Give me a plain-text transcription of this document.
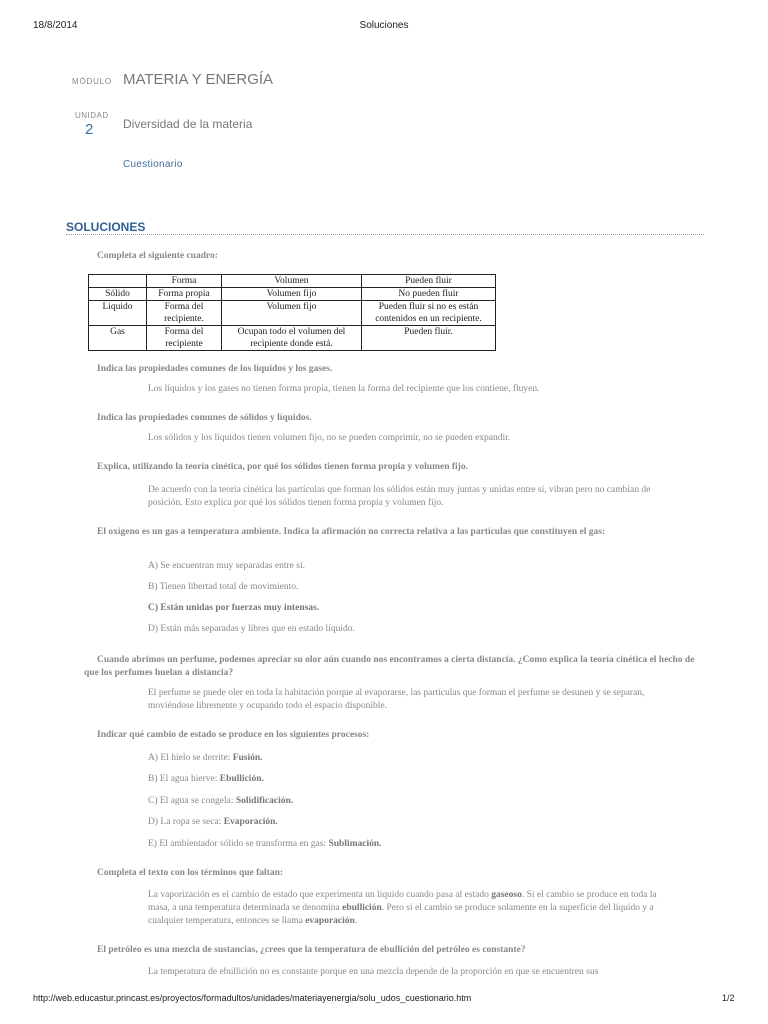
18/8/2014	Soluciones
MÓDULO MATERIA Y ENERGÍA
UNIDAD
2 Diversidad de la materia
Cuestionario
SOLUCIONES
Completa el siguiente cuadro:
	Forma	Volumen	Pueden fluir
Sólido	Forma propia	Volumen fijo	No pueden fluir
Liquido	Forma del recipiente.	Volumen fijo	Pueden fluir si no es están contenidos en un recipiente.
Gas	Forma del recipiente	Ocupan todo el volumen del recipiente donde está.	Pueden fluir.
Indica las propiedades comunes de los líquidos y los gases.
Los líquidos y los gases no tienen forma propia, tienen la forma del recipiente que los contiene, fluyen.
Indica las propiedades comunes de sólidos y líquidos.
Los sólidos y los líquidos tienen volumen fijo, no se pueden comprimir, no se pueden expandir.
Explica, utilizando la teoría cinética, por qué los sólidos tienen forma propia y volumen fijo.
De acuerdo con la teoría cinética las partículas que forman los sólidos están muy juntas y unidas entre sí, vibran pero no cambian de posición. Esto explica por qué los sólidos tienen forma propia y volumen fijo.
El oxígeno es un gas a temperatura ambiente. Indica la afirmación no correcta relativa a las partículas que constituyen el gas:
A) Se encuentran muy separadas entre sí.
B) Tienen libertad total de movimiento.
C) Están unidas por fuerzas muy intensas.
D) Están más separadas y libres que en estado líquido.
Cuando abrimos un perfume, podemos apreciar su olor aún cuando nos encontramos a cierta distancia. ¿Como explica la teoría cinética el hecho de que los perfumes huelan a distancia?
El perfume se puede oler en toda la habitación porque al evaporarse, las partículas que forman el perfume se desunen y se separan, moviéndose libremente y ocupando todo el espacio disponible.
Indicar qué cambio de estado se produce en los siguientes procesos:
A) El hielo se derrite: Fusión.
B) El agua hierve: Ebullición.
C) El agua se congela: Solidificación.
D) La ropa se seca: Evaporación.
E) El ambientador sólido se transforma en gas: Sublimación.
Completa el texto con los términos que faltan:
La vaporización es el cambio de estado que experimenta un líquido cuando pasa al estado gaseoso. Si el cambio se produce en toda la masa, a una temperatura determinada se denomina ebullición. Pero si el cambio se produce solamente en la superficie del líquido y a cualquier temperatura, entonces se llama evaporación.
El petróleo es una mezcla de sustancias, ¿crees que la temperatura de ebullición del petróleo es constante?
La temperatura de ebullición no es constante porque en una mezcla depende de la proporción en que se encuentren sus
http://web.educastur.princast.es/proyectos/formadultos/unidades/materiayenergia/solu_udos_cuestionario.htm	1/2
